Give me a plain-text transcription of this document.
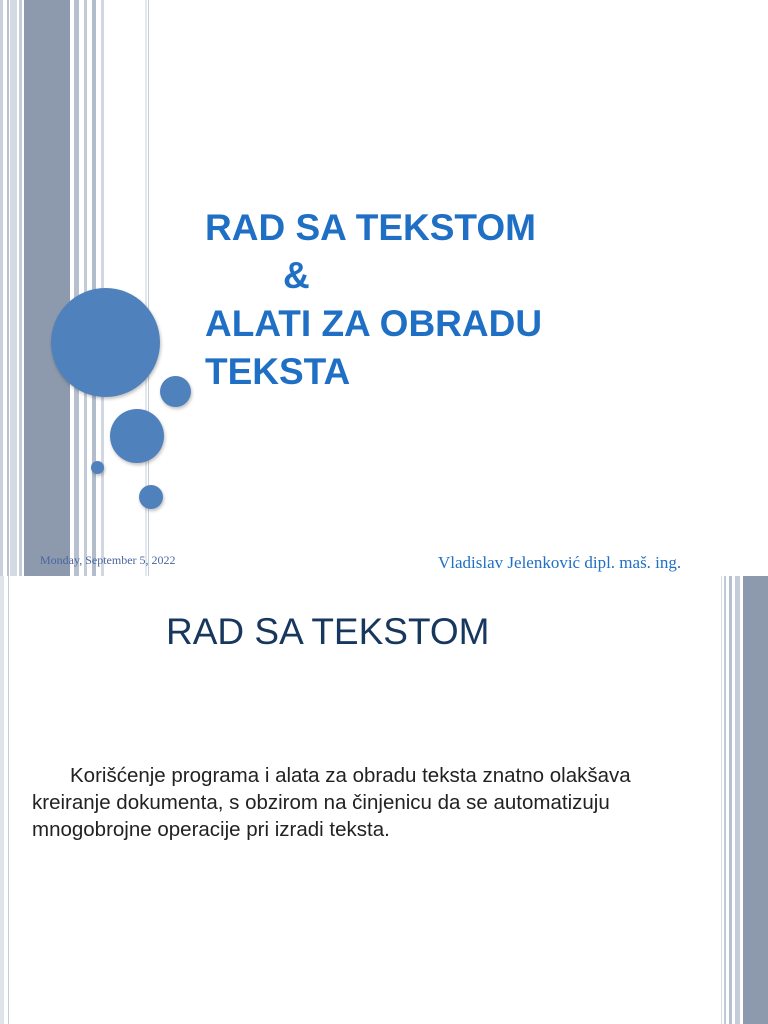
RAD SA TEKSTOM
&
ALATI ZA OBRADU
TEKSTA
Monday, September 5, 2022	Vladislav Jelenković dipl. maš. ing.
RAD SA TEKSTOM

Korišćenje programa i alata za obradu teksta znatno olakšava kreiranje dokumenta, s obzirom na činjenicu da se automatizuju mnogobrojne operacije pri izradi teksta.
